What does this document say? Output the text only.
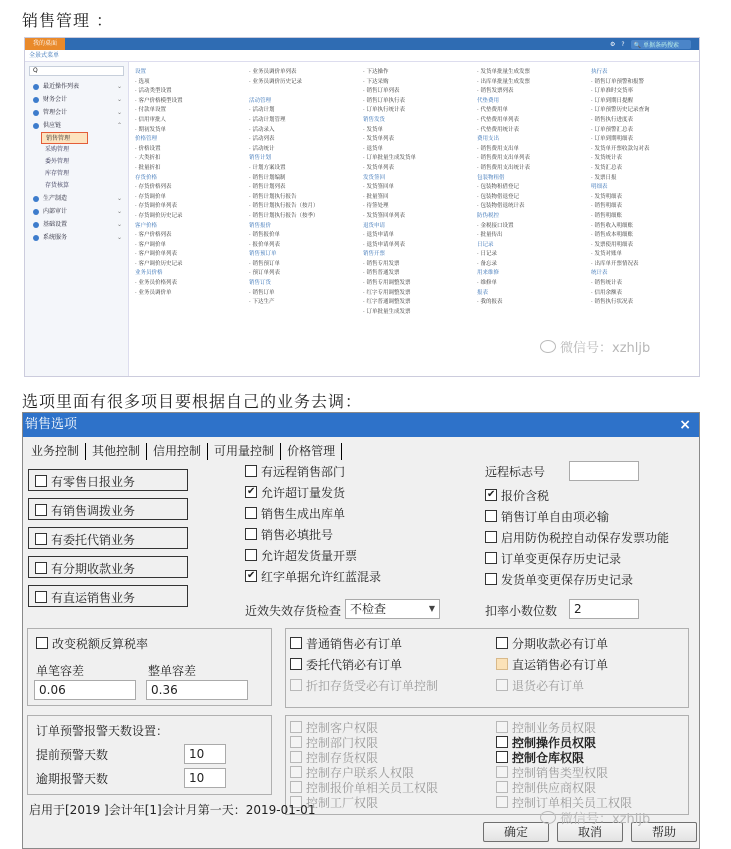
销售管理 ：
我的桌面	⚙ ?	🔍 单据条码搜索
全景式菜单
Q
最近操作列表	⌄
财务会计	⌄
管理会计	⌄
供应链	⌃
销售管理
采购管理
委外管理
库存管理
存货核算
生产制造	⌄
内部审计	⌄
基础设置	⌄
系统服务	⌄
设置
· 选项
· 活动类型设置
· 客户价格模型设置
· 付款单设置
· 信用审批人
· 期初发货单
价格管理
· 价格设置
· 大类折扣
· 批量折扣
存货价格
· 存货价格列表
· 存货调价单
· 存货调价单列表
· 存货调价历史记录
客户价格
· 客户价格列表
· 客户调价单
· 客户调价单列表
· 客户调价历史记录
业务员价格
· 业务员价格列表
· 业务员调价单
· 业务员调价单列表
· 业务员调价历史记录
活动管理
· 活动计划
· 活动计划管理
· 活动录入
· 活动列表
· 活动统计
销售计划
· 计划方案设置
· 销售计划编制
· 销售计划列表
· 销售计划执行报告
· 销售计划执行报告（按月）
· 销售计划执行报告（按季）
销售报价
· 销售报价单
· 报价单列表
销售预订单
· 销售预订单
· 预订单列表
销售订货
· 销售订单
· 下达生产
· 下达操作
· 下达采购
· 销售订单列表
· 销售订单执行表
· 订单执行统计表
销售发货
· 发货单
· 发货单列表
· 退货单
· 订单批量生成发货单
· 发货单列表
发货签回
· 发货签回单
· 批量签回
· 待签处理
· 发货签回单列表
退货申请
· 退货申请单
· 退货申请单列表
销售开票
· 销售专用发票
· 销售普通发票
· 销售专用调整发票
· 红字专用调整发票
· 红字普通调整发票
· 订单批量生成发票
· 发货单批量生成发票
· 出库单批量生成发票
· 销售发票列表
代垫费用
· 代垫费用单
· 代垫费用单列表
· 代垫费用统计表
费用支出
· 销售费用支出单
· 销售费用支出单列表
· 销售费用支出统计表
包装物租借
· 包装物租借登记
· 包装物借退登记
· 包装物借退统计表
防伪税控
· 金税接口设置
· 批量传出
日记录
· 日记录
· 备忘录
用来维修
· 维修单
报表
· 我的报表
执行表
· 销售订单预警和报警
· 订单准时交货率
· 订单到期日提醒
· 订单预警历史记录查询
· 销售执行进度表
· 订单预警汇总表
· 订单到期明细表
· 发货单开票收款勾对表
· 发货统计表
· 发货汇总表
· 发票日报
明细表
· 发货明细表
· 销售明细表
· 销售明细账
· 销售收入明细账
· 销售成本明细账
· 发票使用明细表
· 发货对账单
· 出库单开票情况表
统计表
· 销售统计表
· 信用余额表
· 销售执行状况表
微信号：xzhljb
选项里面有很多项目要根据自己的业务去调：
销售选项	×
业务控制	其他控制	信用控制	可用量控制	价格管理
有零售日报业务
有销售调拨业务
有委托代销业务
有分期收款业务
有直运销售业务
有远程销售部门
✔
允许超订量发货
销售生成出库单
销售必填批号
允许超发货量开票
✔
红字单据允许红蓝混录
远程标志号
✔
报价含税
销售订单自由项必输
启用防伪税控自动保存发票功能
订单变更保存历史记录
发货单变更保存历史记录
近效失效存货检查 不检查	▼	扣率小数位数	2
改变税额反算税率
单笔容差	整单容差
0.06	0.36
普通销售必有订单	分期收款必有订单
委托代销必有订单	直运销售必有订单
折扣存货受必有订单控制	退货必有订单
订单预警报警天数设置：
提前预警天数	10
逾期报警天数	10
控制客户权限
控制部门权限
控制存货权限
控制存户联系人权限
控制报价单相关员工权限
控制工厂权限
控制业务员权限
控制操作员权限
控制仓库权限
控制销售类型权限
控制供应商权限
控制订单相关员工权限
启用于[2019 ]会计年[1]会计月第一天：2019-01-01
确定	取消	帮助
微信号：xzhljb
